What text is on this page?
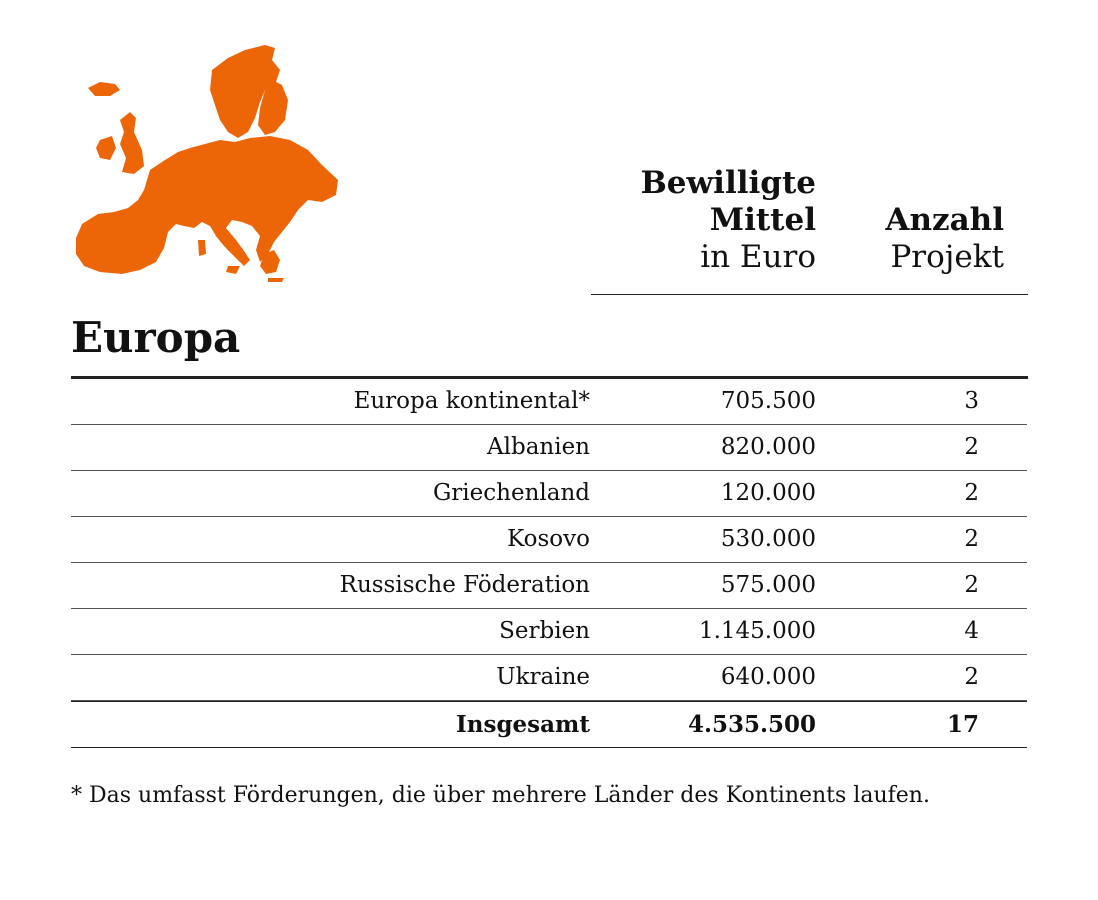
Bewilligte
Mittel
in Euro
Anzahl
Projekt
Europa
Europa kontinental*	705.500	3
Albanien	820.000	2
Griechenland	120.000	2
Kosovo	530.000	2
Russische Föderation	575.000	2
Serbien	1.145.000	4
Ukraine	640.000	2
Insgesamt	4.535.500	17
* Das umfasst Förderungen, die über mehrere Länder des Kontinents laufen.
